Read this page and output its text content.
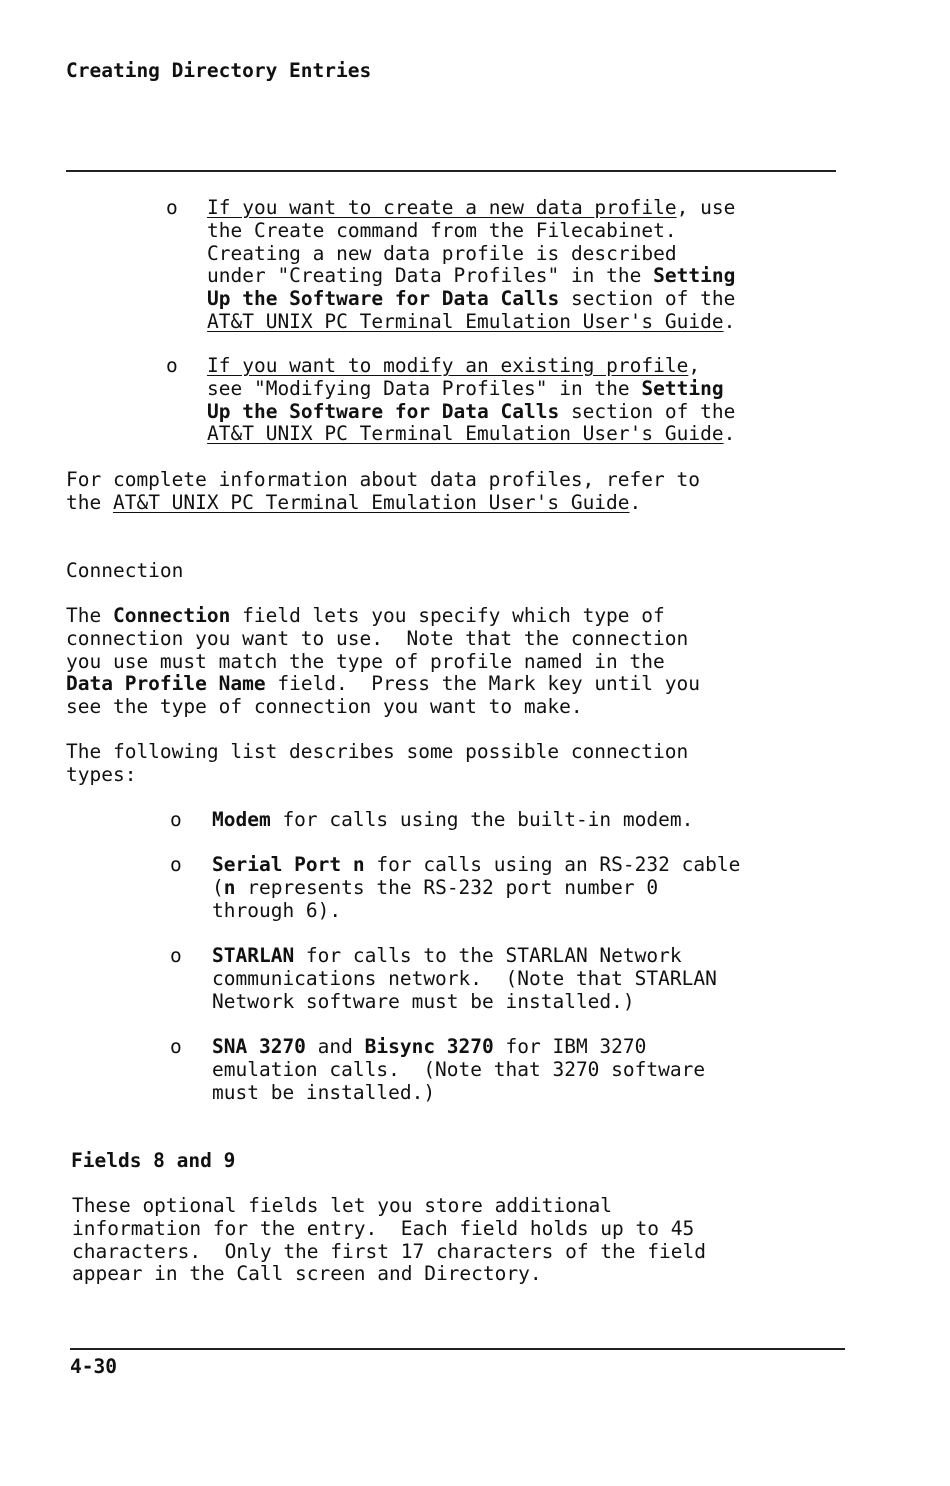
Creating Directory Entries
o If you want to create a new data profile, use
the Create command from the Filecabinet.
Creating a new data profile is described
under "Creating Data Profiles" in the Setting
Up the Software for Data Calls section of the
AT&T UNIX PC Terminal Emulation User's Guide.
o If you want to modify an existing profile,
see "Modifying Data Profiles" in the Setting
Up the Software for Data Calls section of the
AT&T UNIX PC Terminal Emulation User's Guide.
For complete information about data profiles, refer to
the AT&T UNIX PC Terminal Emulation User's Guide.
Connection
The Connection field lets you specify which type of
connection you want to use.  Note that the connection
you use must match the type of profile named in the
Data Profile Name field.  Press the Mark key until you
see the type of connection you want to make.
The following list describes some possible connection
types:
o Modem for calls using the built-in modem.
o Serial Port n for calls using an RS-232 cable
(n represents the RS-232 port number 0
through 6).
o STARLAN for calls to the STARLAN Network
communications network.  (Note that STARLAN
Network software must be installed.)
o SNA 3270 and Bisync 3270 for IBM 3270
emulation calls.  (Note that 3270 software
must be installed.)
Fields 8 and 9
These optional fields let you store additional
information for the entry.  Each field holds up to 45
characters.  Only the first 17 characters of the field
appear in the Call screen and Directory.
4-30
